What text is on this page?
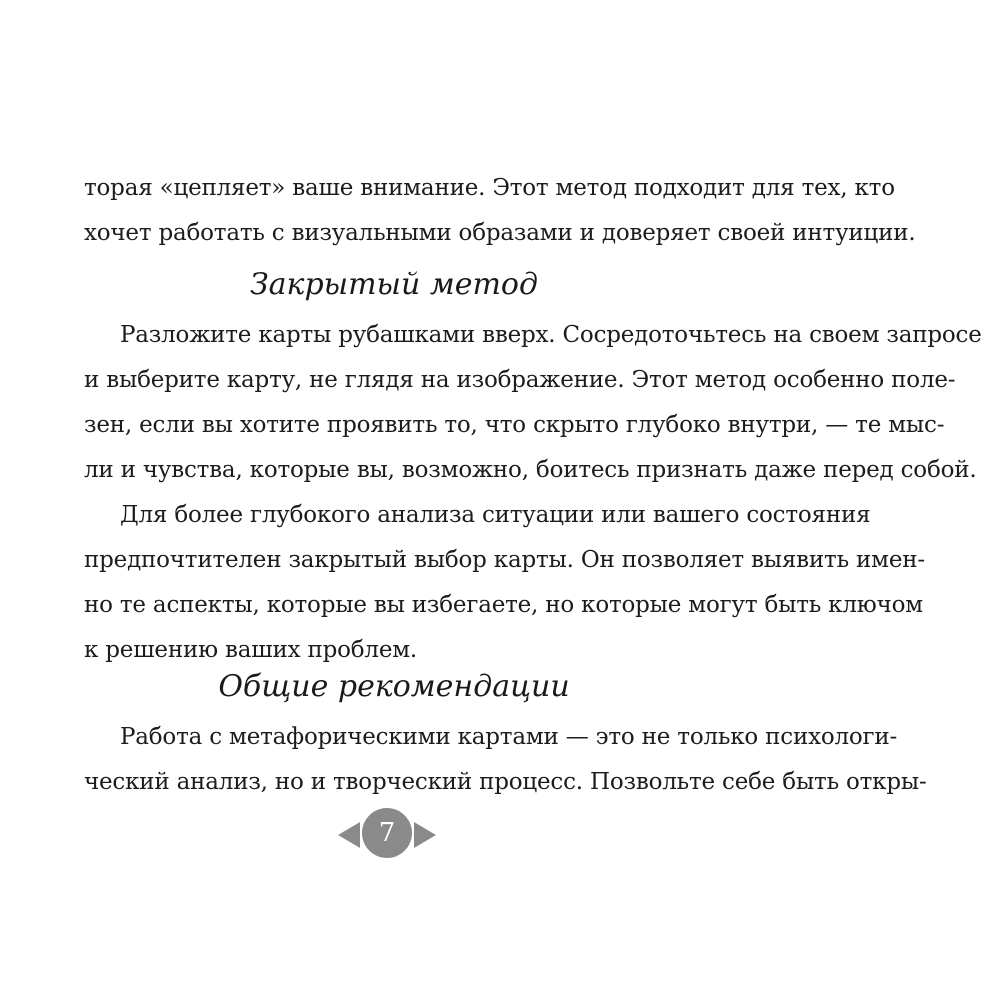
торая «цепляет» ваше внимание. Этот метод подходит для тех, кто
хочет работать с визуальными образами и доверяет своей интуиции.
Закрытый метод
Разложите карты рубашками вверх. Сосредоточьтесь на своем запросе
и выберите карту, не глядя на изображение. Этот метод особенно поле-
зен, если вы хотите проявить то, что скрыто глубоко внутри, — те мыс-
ли и чувства, которые вы, возможно, боитесь признать даже перед собой.
Для более глубокого анализа ситуации или вашего состояния
предпочтителен закрытый выбор карты. Он позволяет выявить имен-
но те аспекты, которые вы избегаете, но которые могут быть ключом
к решению ваших проблем.
Общие рекомендации
Работа с метафорическими картами — это не только психологи-
ческий анализ, но и творческий процесс. Позвольте себе быть откры-
7
